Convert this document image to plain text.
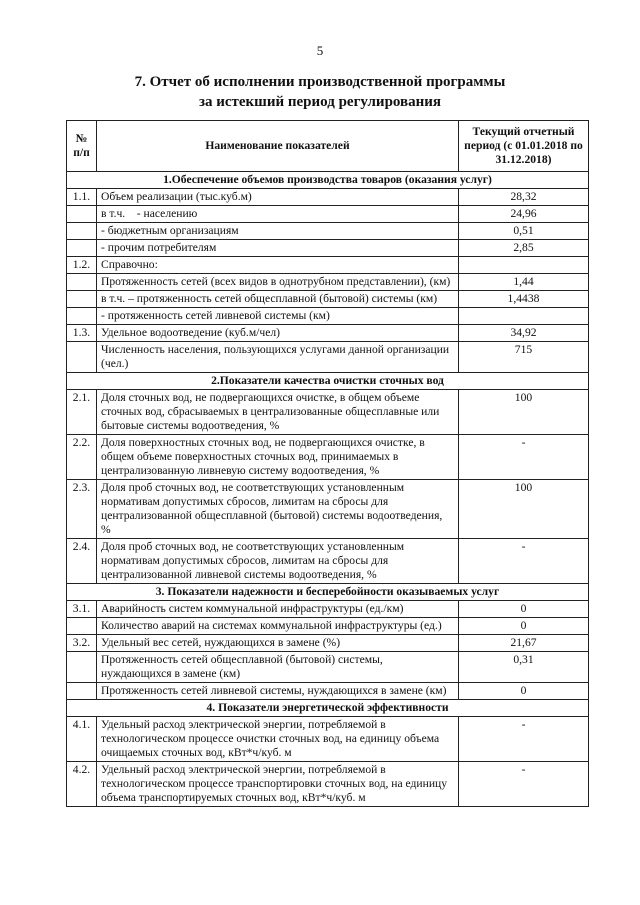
5
7. Отчет об исполнении производственной программы
за истекший период регулирования
№ п/п	Наименование показателей	Текущий отчетный период (с 01.01.2018 по 31.12.2018)
1.Обеспечение объемов производства товаров (оказания услуг)		
1.1.	Объем реализации (тыс.куб.м)	28,32
	в т.ч.    - населению	24,96
	- бюджетным организациям	0,51
	- прочим потребителям	2,85
1.2.	Справочно:	
	Протяженность сетей (всех видов в однотрубном представлении), (км)	1,44
	в т.ч. – протяженность сетей общесплавной (бытовой) системы (км)	1,4438
	- протяженность сетей ливневой системы (км)	
1.3.	Удельное водоотведение (куб.м/чел)	34,92
	Численность населения, пользующихся услугами данной организации (чел.)	715
2.Показатели качества очистки сточных вод		
2.1.	Доля сточных вод, не подвергающихся очистке, в общем объеме сточных вод, сбрасываемых в централизованные общесплавные или бытовые системы водоотведения, %	100
2.2.	Доля поверхностных сточных вод, не подвергающихся очистке, в общем объеме поверхностных сточных вод, принимаемых в централизованную ливневую систему водоотведения, %	-
2.3.	Доля проб сточных вод, не соответствующих установленным нормативам допустимых сбросов, лимитам на сбросы для централизованной общесплавной (бытовой) системы водоотведения, %	100
2.4.	Доля проб сточных вод, не соответствующих установленным нормативам допустимых сбросов, лимитам на сбросы для централизованной ливневой системы водоотведения, %	-
3. Показатели надежности и бесперебойности оказываемых услуг		
3.1.	Аварийность систем коммунальной инфраструктуры (ед./км)	0
	Количество аварий на системах коммунальной инфраструктуры (ед.)	0
3.2.	Удельный вес сетей, нуждающихся в замене (%)	21,67
	Протяженность сетей общесплавной (бытовой) системы, нуждающихся в замене (км)	0,31
	Протяженность сетей ливневой системы, нуждающихся в замене (км)	0
4. Показатели энергетической эффективности		
4.1.	Удельный расход электрической энергии, потребляемой в технологическом процессе очистки сточных вод, на единицу объема очищаемых сточных вод, кВт*ч/куб. м	-
4.2.	Удельный расход электрической энергии, потребляемой в технологическом процессе транспортировки сточных вод, на единицу объема транспортируемых сточных вод, кВт*ч/куб. м	-
